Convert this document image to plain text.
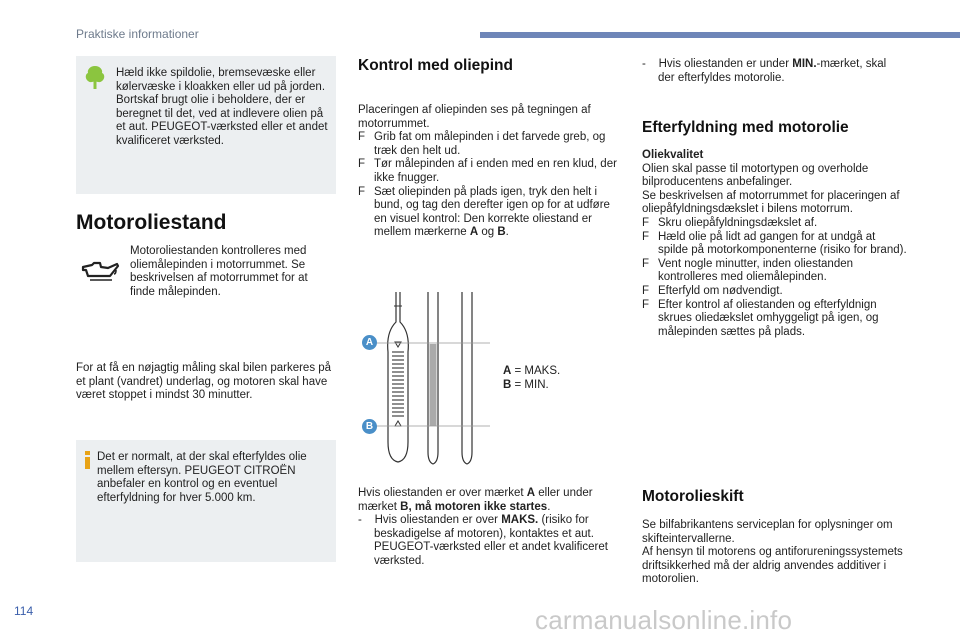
Praktiske informationer

Hæld ikke spildolie, bremsevæske eller kølervæske i kloakken eller ud på jorden.

Bortskaf brugt olie i beholdere, der er beregnet til det, ved at indlevere olien på et aut. PEUGEOT-værksted eller et andet kvalificeret værksted.

Motoroliestand
Motoroliestanden kontrolleres med oliemålepinden i motorrummet. Se beskrivelsen af motorrummet for at finde målepinden.
For at få en nøjagtig måling skal bilen parkeres på et plant (vandret) underlag, og motoren skal have været stoppet i mindst 30 minutter.
Det er normalt, at der skal efterfyldes olie mellem eftersyn. PEUGEOT CITROËN anbefaler en kontrol og en eventuel efterfyldning for hver 5.000 km.
Kontrol med oliepind

Placeringen af oliepinden ses på tegningen af motorrummet.

F Grib fat om målepinden i det farvede greb, og træk den helt ud.
F Tør målepinden af i enden med en ren klud, der ikke fnugger.
F Sæt oliepinden på plads igen, tryk den helt i bund, og tag den derefter igen op for at udføre en visuel kontrol: Den korrekte oliestand er mellem mærkerne A og B.
A
B

A = MAKS.

B = MIN.

Hvis oliestanden er over mærket A eller under mærket B, må motoren ikke startes.

-    Hvis oliestanden er over MAKS. (risiko for beskadigelse af motoren), kontaktes et aut. PEUGEOT-værksted eller et andet kvalificeret værksted.

-    Hvis oliestanden er under MIN.-mærket, skal der efterfyldes motorolie.

Efterfyldning med motorolie

Oliekvalitet

Olien skal passe til motortypen og overholde bilproducentens anbefalinger.

Se beskrivelsen af motorrummet for placeringen af oliepåfyldningsdækslet i bilens motorrum.

F Skru oliepåfyldningsdækslet af.
F Hæld olie på lidt ad gangen for at undgå at spilde på motorkomponenterne (risiko for brand).
F Vent nogle minutter, inden oliestanden kontrolleres med oliemålepinden.
F Efterfyld om nødvendigt.
F Efter kontrol af oliestanden og efterfyldnign skrues oliedækslet omhyggeligt på igen, og målepinden sættes på plads.
Motorolieskift

Se bilfabrikantens serviceplan for oplysninger om skifteintervallerne.

Af hensyn til motorens og antiforureningssystemets driftsikkerhed må der aldrig anvendes additiver i motorolien.

114	carmanualsonline.info
